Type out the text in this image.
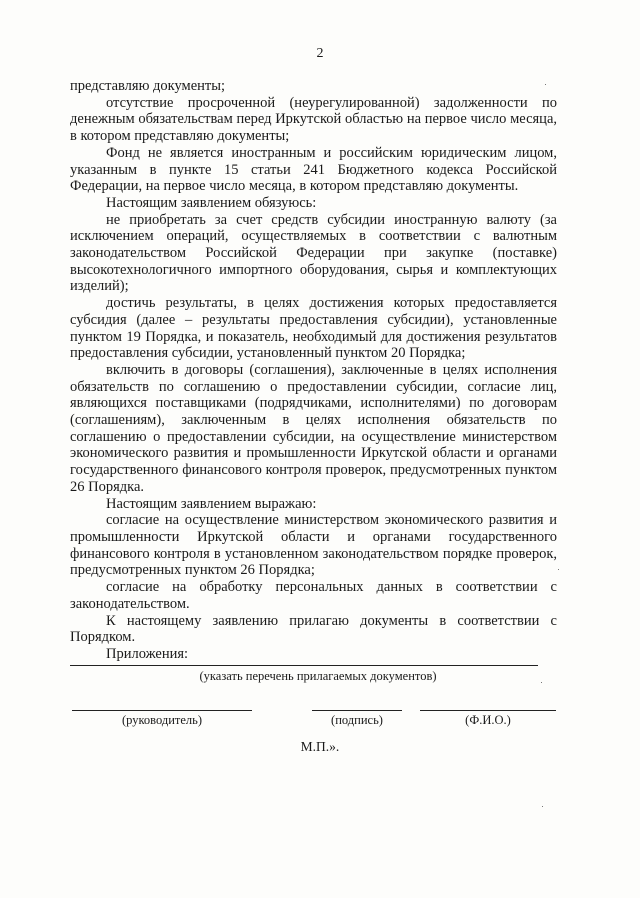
2

представляю документы;

отсутствие просроченной (неурегулированной) задолженности по денежным обязательствам перед Иркутской областью на первое число месяца, в котором представляю документы;

Фонд не является иностранным и российским юридическим лицом, указанным в пункте 15 статьи 241 Бюджетного кодекса Российской Федерации, на первое число месяца, в котором представляю документы.

Настоящим заявлением обязуюсь:

не приобретать за счет средств субсидии иностранную валюту (за исключением операций, осуществляемых в соответствии с валютным законодательством Российской Федерации при закупке (поставке) высокотехнологичного импортного оборудования, сырья и комплектующих изделий);

достичь результаты, в целях достижения которых предоставляется субсидия (далее – результаты предоставления субсидии), установленные пунктом 19 Порядка, и показатель, необходимый для достижения результатов предоставления субсидии, установленный пунктом 20 Порядка;

включить в договоры (соглашения), заключенные в целях исполнения обязательств по соглашению о предоставлении субсидии, согласие лиц, являющихся поставщиками (подрядчиками, исполнителями) по договорам (соглашениям), заключенным в целях исполнения обязательств по соглашению о предоставлении субсидии, на осуществление министерством экономического развития и промышленности Иркутской области и органами государственного финансового контроля проверок, предусмотренных пунктом 26 Порядка.

Настоящим заявлением выражаю:

согласие на осуществление министерством экономического развития и промышленности Иркутской области и органами государственного финансового контроля в установленном законодательством порядке проверок, предусмотренных пунктом 26 Порядка;

согласие на обработку персональных данных в соответствии с законодательством.

К настоящему заявлению прилагаю документы в соответствии с Порядком.

Приложения:

(указать перечень прилагаемых документов)
(руководитель)	(подпись)	(Ф.И.О.)
М.П.».
